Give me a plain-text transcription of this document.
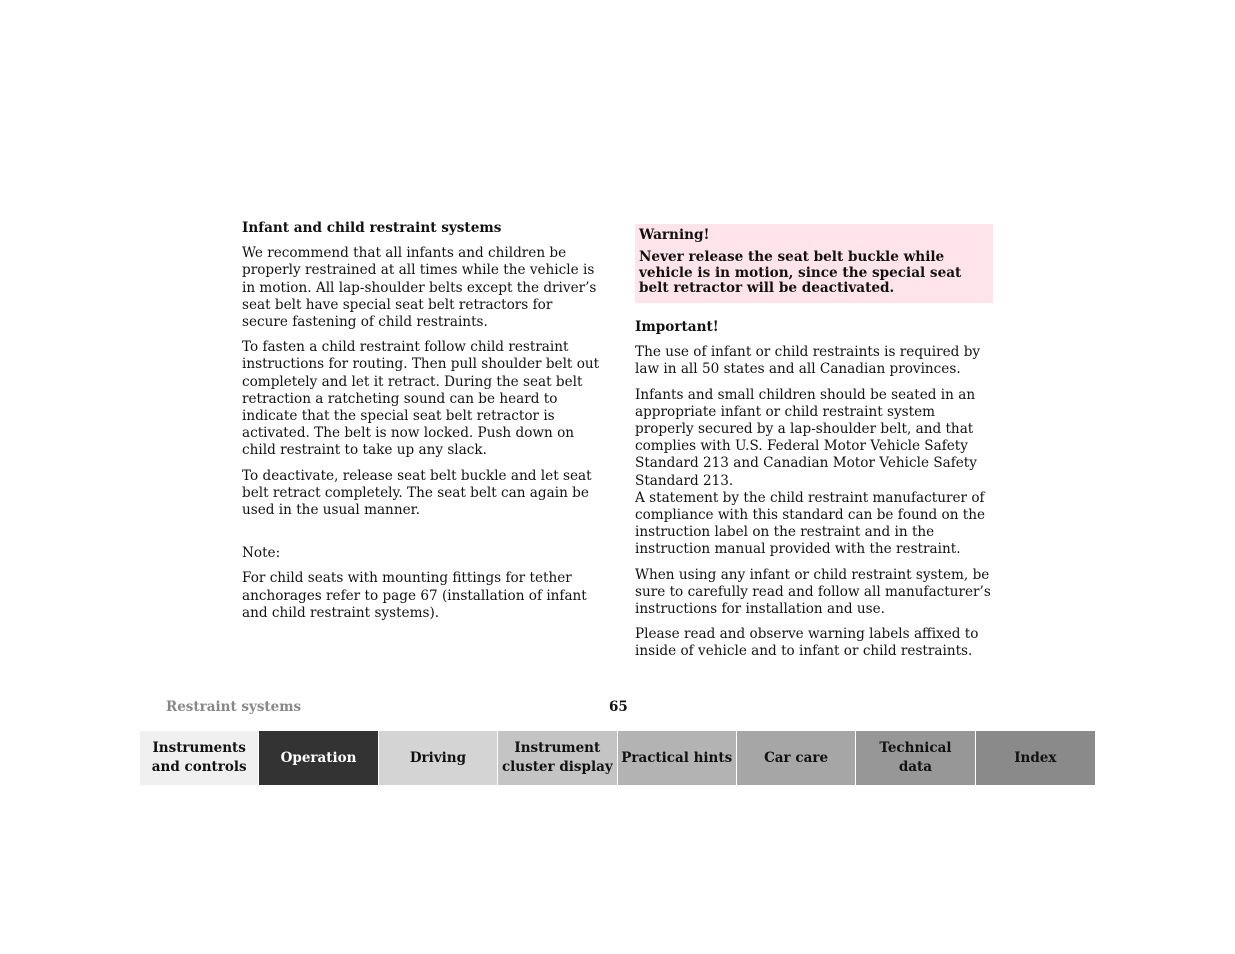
Infant and child restraint systems

We recommend that all infants and children be properly restrained at all times while the vehicle is in motion. All lap-shoulder belts except the driver’s seat belt have special seat belt retractors for secure fastening of child restraints.

To fasten a child restraint follow child restraint instructions for routing. Then pull shoulder belt out completely and let it retract. During the seat belt retraction a ratcheting sound can be heard to indicate that the special seat belt retractor is activated. The belt is now locked. Push down on child restraint to take up any slack.

To deactivate, release seat belt buckle and let seat belt retract completely. The seat belt can again be used in the usual manner.

Note:

For child seats with mounting fittings for tether anchorages refer to page 67 (installation of infant and child restraint systems).

Warning!

Never release the seat belt buckle while vehicle is in motion, since the special seat belt retractor will be deactivated.

Important!

The use of infant or child restraints is required by law in all 50 states and all Canadian provinces.

Infants and small children should be seated in an appropriate infant or child restraint system properly secured by a lap-shoulder belt, and that complies with U.S. Federal Motor Vehicle Safety Standard 213 and Canadian Motor Vehicle Safety Standard 213.

A statement by the child restraint manufacturer of compliance with this standard can be found on the instruction label on the restraint and in the instruction manual provided with the restraint.

When using any infant or child restraint system, be sure to carefully read and follow all manufacturer’s instructions for installation and use.

Please read and observe warning labels affixed to inside of vehicle and to infant or child restraints.

Restraint systems	65
Instruments
and controls
Operation	Driving
Instrument
cluster display
Practical hints Car care
Technical
data
Index
